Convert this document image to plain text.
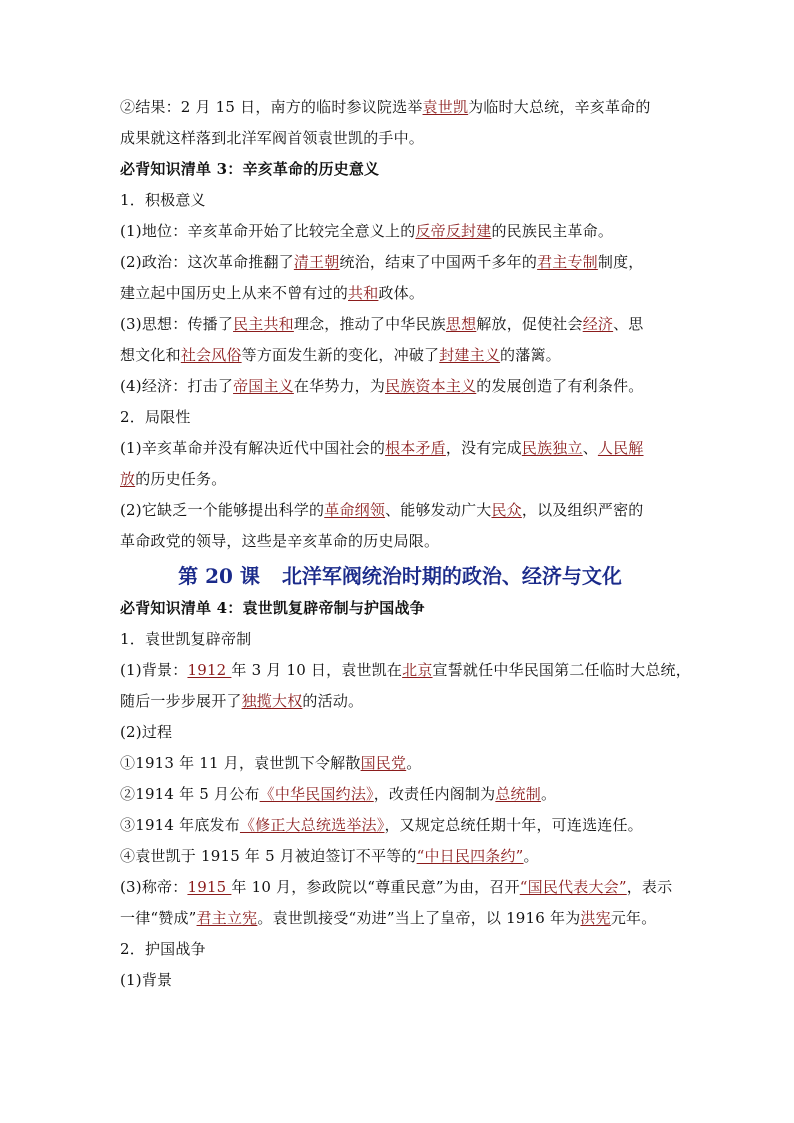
②结果：2 月 15 日，南方的临时参议院选举袁世凯为临时大总统，辛亥革命的
成果就这样落到北洋军阀首领袁世凯的手中。
必背知识清单 3：辛亥革命的历史意义
1．积极意义
(1)地位：辛亥革命开始了比较完全意义上的反帝反封建的民族民主革命。
(2)政治：这次革命推翻了清王朝统治，结束了中国两千多年的君主专制制度，
建立起中国历史上从来不曾有过的共和政体。
(3)思想：传播了民主共和理念，推动了中华民族思想解放，促使社会经济、思
想文化和社会风俗等方面发生新的变化，冲破了封建主义的藩篱。
(4)经济：打击了帝国主义在华势力，为民族资本主义的发展创造了有利条件。
2．局限性
(1)辛亥革命并没有解决近代中国社会的根本矛盾，没有完成民族独立、人民解
放的历史任务。
(2)它缺乏一个能够提出科学的革命纲领、能够发动广大民众，以及组织严密的
革命政党的领导，这些是辛亥革命的历史局限。
第 20 课 北洋军阀统治时期的政治、经济与文化
必背知识清单 4：袁世凯复辟帝制与护国战争
1．袁世凯复辟帝制
(1)背景：1912 年 3 月 10 日，袁世凯在北京宣誓就任中华民国第二任临时大总统，
随后一步步展开了独揽大权的活动。
(2)过程
①1913 年 11 月，袁世凯下令解散国民党。
②1914 年 5 月公布《中华民国约法》，改责任内阁制为总统制。
③1914 年底发布《修正大总统选举法》，又规定总统任期十年，可连选连任。
④袁世凯于 1915 年 5 月被迫签订不平等的“中日民四条约”。
(3)称帝：1915 年 10 月，参政院以“尊重民意”为由，召开“国民代表大会”，表示
一律“赞成”君主立宪。袁世凯接受“劝进”当上了皇帝，以 1916 年为洪宪元年。
2．护国战争
(1)背景
